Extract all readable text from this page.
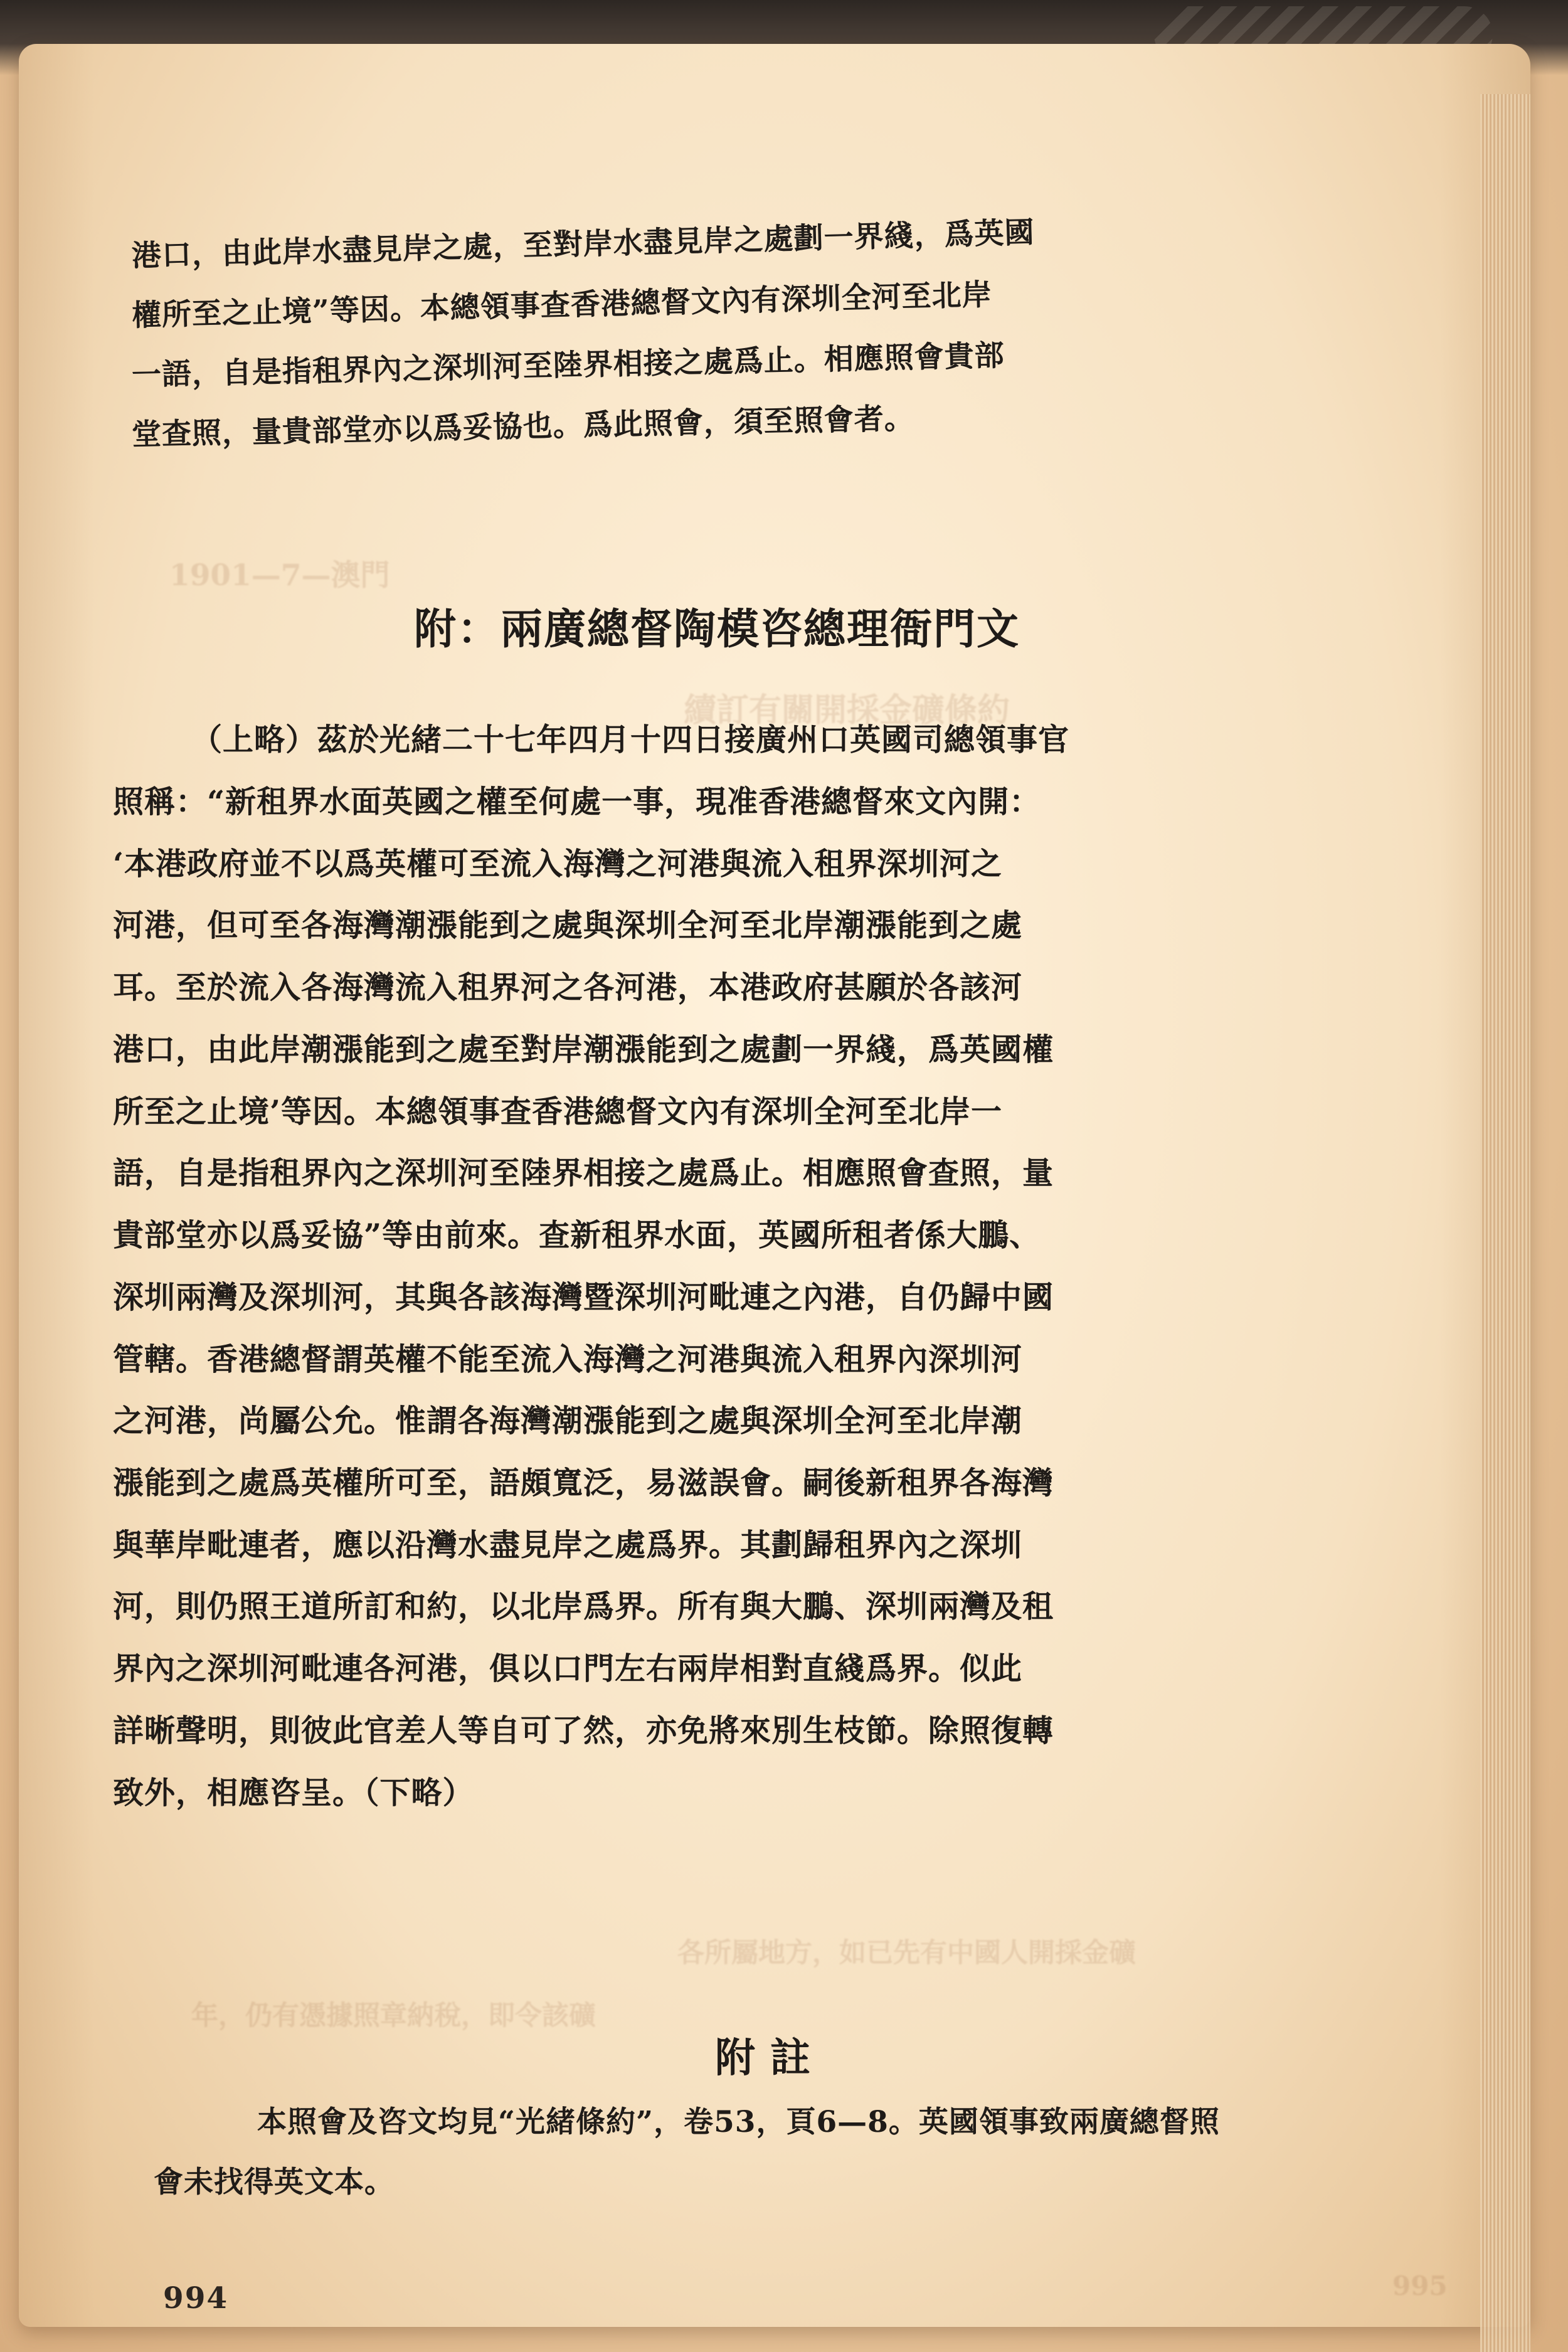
1901—7—澳門
續訂有關開採金礦條約
995
各所屬地方，如已先有中國人開採金礦
年，仍有憑據照章納稅，即令該礦

港口，由此岸水盡見岸之處，至對岸水盡見岸之處劃一界綫，爲英國

權所至之止境”等因。本總領事查香港總督文內有深圳全河至北岸

一語，自是指租界內之深圳河至陸界相接之處爲止。相應照會貴部

堂查照，量貴部堂亦以爲妥協也。爲此照會，須至照會者。

附：兩廣總督陶模咨總理衙門文

（上略）茲於光緒二十七年四月十四日接廣州口英國司總領事官

照稱：“新租界水面英國之權至何處一事，現准香港總督來文內開：

‘本港政府並不以爲英權可至流入海灣之河港與流入租界深圳河之

河港，但可至各海灣潮漲能到之處與深圳全河至北岸潮漲能到之處

耳。至於流入各海灣流入租界河之各河港，本港政府甚願於各該河

港口，由此岸潮漲能到之處至對岸潮漲能到之處劃一界綫，爲英國權

所至之止境’等因。本總領事查香港總督文內有深圳全河至北岸一

語，自是指租界內之深圳河至陸界相接之處爲止。相應照會查照，量

貴部堂亦以爲妥協”等由前來。查新租界水面，英國所租者係大鵬、

深圳兩灣及深圳河，其與各該海灣暨深圳河毗連之內港，自仍歸中國

管轄。香港總督謂英權不能至流入海灣之河港與流入租界內深圳河

之河港，尚屬公允。惟謂各海灣潮漲能到之處與深圳全河至北岸潮

漲能到之處爲英權所可至，語頗寬泛，易滋誤會。嗣後新租界各海灣

與華岸毗連者，應以沿灣水盡見岸之處爲界。其劃歸租界內之深圳

河，則仍照王道所訂和約，以北岸爲界。所有與大鵬、深圳兩灣及租

界內之深圳河毗連各河港，俱以口門左右兩岸相對直綫爲界。似此

詳晰聲明，則彼此官差人等自可了然，亦免將來別生枝節。除照復轉

致外，相應咨呈。（下略）

附註

本照會及咨文均見“光緒條約”，卷53，頁6—8。英國領事致兩廣總督照

會未找得英文本。

994
